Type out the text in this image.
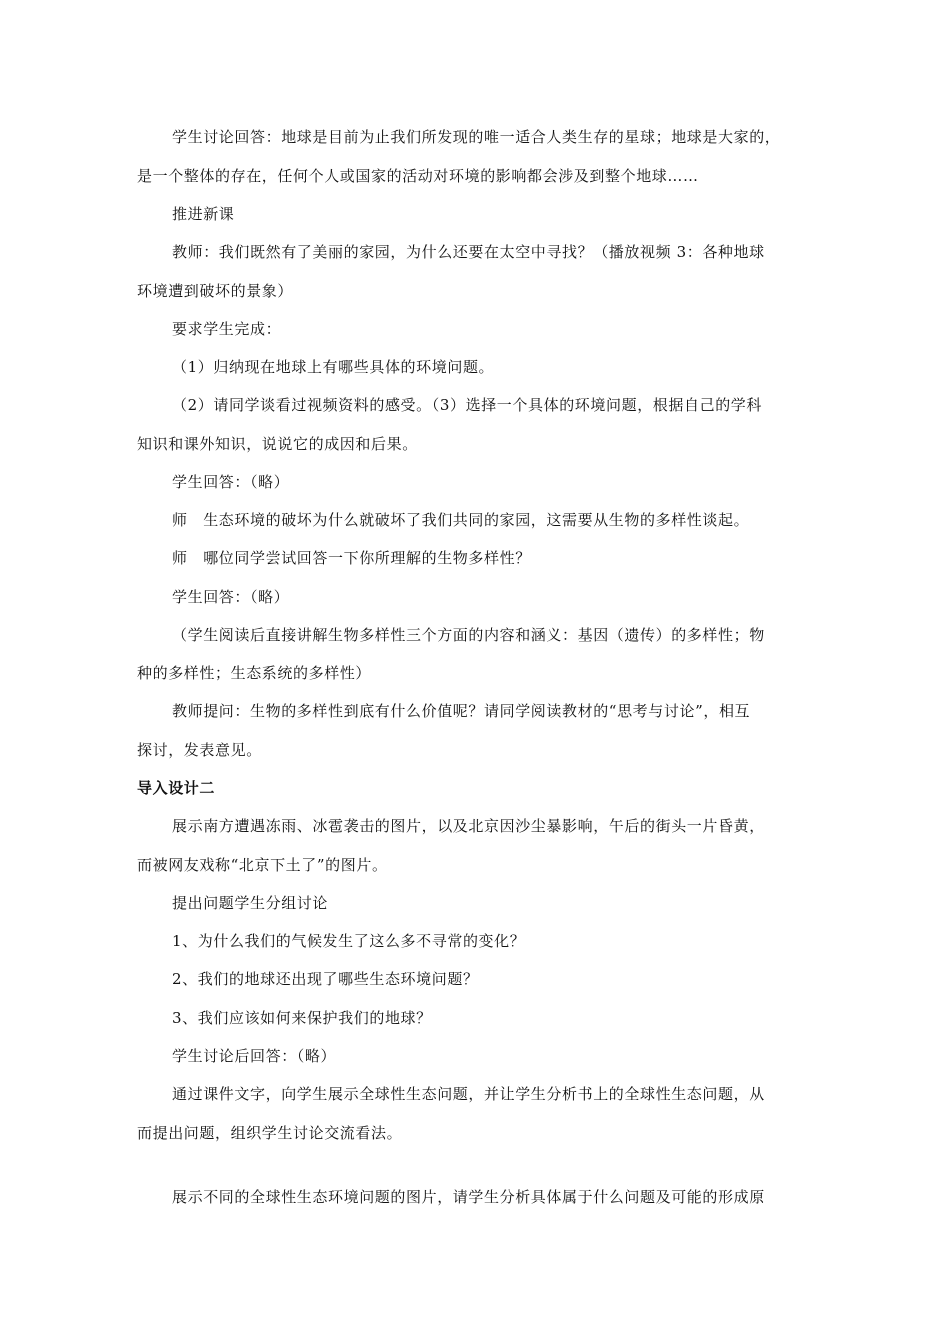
学生讨论回答：地球是目前为止我们所发现的唯一适合人类生存的星球；地球是大家的，
是一个整体的存在，任何个人或国家的活动对环境的影响都会涉及到整个地球……
推进新课
教师：我们既然有了美丽的家园，为什么还要在太空中寻找？（播放视频 3：各种地球
环境遭到破坏的景象）
要求学生完成：
（1）归纳现在地球上有哪些具体的环境问题。
（2）请同学谈看过视频资料的感受。（3）选择一个具体的环境问题，根据自己的学科
知识和课外知识，说说它的成因和后果。
学生回答：（略）
师　生态环境的破坏为什么就破坏了我们共同的家园，这需要从生物的多样性谈起。
师　哪位同学尝试回答一下你所理解的生物多样性？
学生回答：（略）
（学生阅读后直接讲解生物多样性三个方面的内容和涵义：基因（遗传）的多样性；物
种的多样性；生态系统的多样性）
教师提问：生物的多样性到底有什么价值呢？请同学阅读教材的“思考与讨论”，相互
探讨，发表意见。
导入设计二
展示南方遭遇冻雨、冰雹袭击的图片，以及北京因沙尘暴影响，午后的街头一片昏黄，
而被网友戏称“北京下土了”的图片。
提出问题学生分组讨论
1、为什么我们的气候发生了这么多不寻常的变化？
2、我们的地球还出现了哪些生态环境问题？
3、我们应该如何来保护我们的地球？
学生讨论后回答：（略）
通过课件文字，向学生展示全球性生态问题，并让学生分析书上的全球性生态问题，从
而提出问题，组织学生讨论交流看法。
展示不同的全球性生态环境问题的图片，请学生分析具体属于什么问题及可能的形成原
